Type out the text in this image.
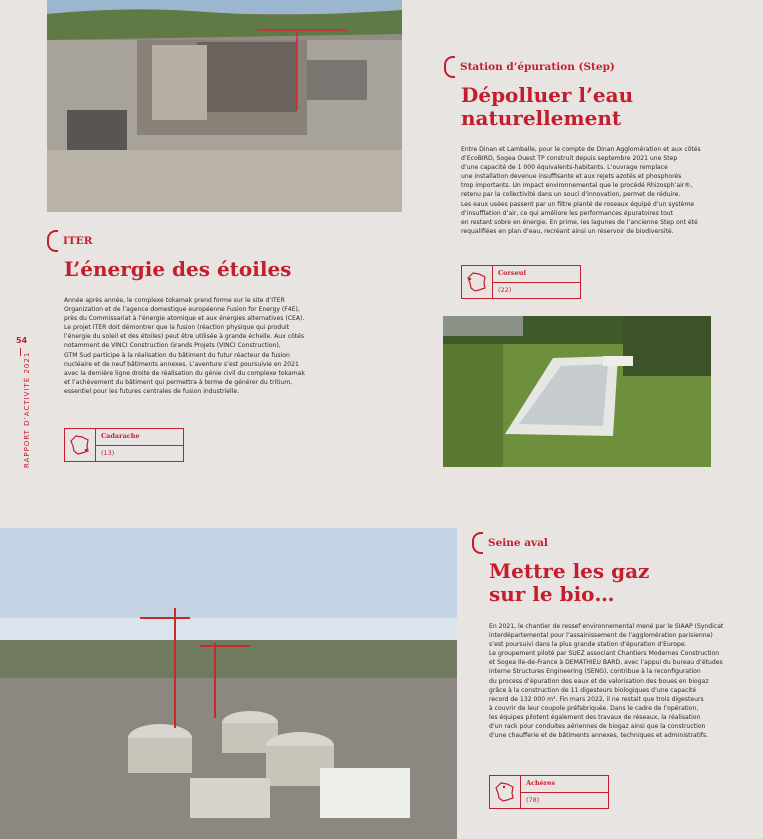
54
RAPPORT D’ACTIVITÉ 2021
ITER
L’énergie des étoiles
Année après année, le complexe tokamak prend forme sur le site d’ITER
Organization et de l’agence domestique européenne Fusion for Energy (F4E),
près du Commissariat à l’énergie atomique et aux énergies alternatives (CEA).
Le projet ITER doit démontrer que la fusion (réaction physique qui produit
l’énergie du soleil et des étoiles) peut être utilisée à grande échelle. Aux côtés
notamment de VINCI Construction Grands Projets (VINCI Construction),
GTM Sud participe à la réalisation du bâtiment du futur réacteur de fusion
nucléaire et de neuf bâtiments annexes. L’aventure s’est poursuivie en 2021
avec la dernière ligne droite de réalisation du génie civil du complexe tokamak
et l’achèvement du bâtiment qui permettra à terme de générer du tritium,
essentiel pour les futures centrales de fusion industrielle.
Cadarache
(13)
Station d’épuration (Step)
Dépolluer l’eau
naturellement
Entre Dinan et Lamballe, pour le compte de Dinan Agglomération et aux côtés
d’EcoBIRD, Sogea Ouest TP construit depuis septembre 2021 une Step
d’une capacité de 1 000 équivalents-habitants. L’ouvrage remplace
une installation devenue insuffisante et aux rejets azotés et phosphorés
trop importants. Un impact environnemental que le procédé Rhizosph’air®,
retenu par la collectivité dans un souci d’innovation, permet de réduire.
Les eaux usées passent par un filtre planté de roseaux équipé d’un système
d’insufflation d’air, ce qui améliore les performances épuratoires tout
en restant sobre en énergie. En prime, les lagunes de l’ancienne Step ont été
requalifiées en plan d’eau, recréant ainsi un réservoir de biodiversité.
Corseul
(22)
Seine aval
Mettre les gaz
sur le bio…
En 2021, le chantier de ressef environnemental mené par le SIAAP (Syndicat
interdépartemental pour l’assainissement de l’agglomération parisienne)
s’est poursuivi dans la plus grande station d’épuration d’Europe.
Le groupement piloté par SUEZ associant Chantiers Modernes Construction
et Sogea Ile-de-France à DEMATHIEU BARD, avec l’appui du bureau d’études
interne Structures Engineering (SENG), contribue à la reconfiguration
du process d’épuration des eaux et de valorisation des boues en biogaz
grâce à la construction de 11 digesteurs biologiques d’une capacité
record de 132 000 m³. Fin mars 2022, il ne restait que trois digesteurs
à couvrir de leur coupole préfabriquée. Dans le cadre de l’opération,
les équipes pilotent également des travaux de réseaux, la réalisation
d’un rack pour conduites aériennes de biogaz ainsi que la construction
d’une chaufferie et de bâtiments annexes, techniques et administratifs.
Achères
(78)
